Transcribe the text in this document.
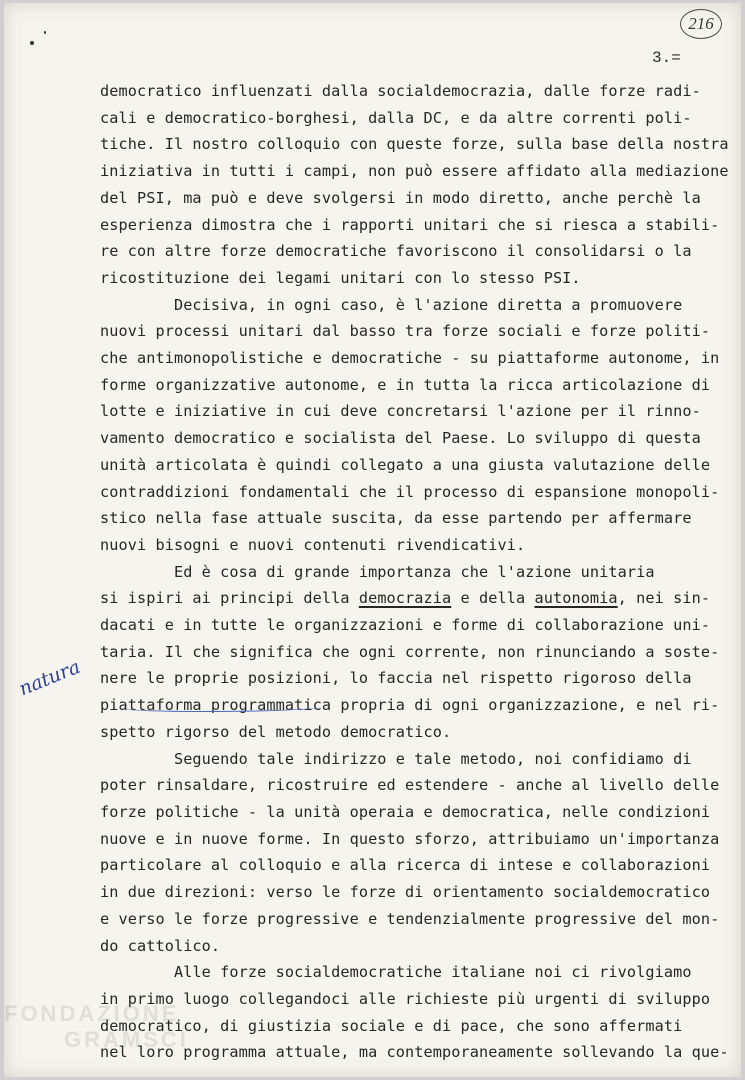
216
3.=
democratico influenzati dalla socialdemocrazia, dalle forze radi-
cali e democratico-borghesi, dalla DC, e da altre correnti poli-
tiche. Il nostro colloquio con queste forze, sulla base della nostra
iniziativa in tutti i campi, non può essere affidato alla mediazione
del PSI, ma può e deve svolgersi in modo diretto, anche perchè la
esperienza dimostra che i rapporti unitari che si riesca a stabili-
re con altre forze democratiche favoriscono il consolidarsi o la
ricostituzione dei legami unitari con lo stesso PSI.
Decisiva, in ogni caso, è l'azione diretta a promuovere
nuovi processi unitari dal basso tra forze sociali e forze politi-
che antimonopolistiche e democratiche - su piattaforme autonome, in
forme organizzative autonome, e in tutta la ricca articolazione di
lotte e iniziative in cui deve concretarsi l'azione per il rinno-
vamento democratico e socialista del Paese. Lo sviluppo di questa
unità articolata è quindi collegato a una giusta valutazione delle
contraddizioni fondamentali che il processo di espansione monopoli-
stico nella fase attuale suscita, da esse partendo per affermare
nuovi bisogni e nuovi contenuti rivendicativi.
Ed è cosa di grande importanza che l'azione unitaria
si ispiri ai principi della democrazia e della autonomia, nei sin-
dacati e in tutte le organizzazioni e forme di collaborazione uni-
taria. Il che significa che ogni corrente, non rinunciando a soste-
nere le proprie posizioni, lo faccia nel rispetto rigoroso della
piattaforma programmatica propria di ogni organizzazione, e nel ri-
spetto rigorso del metodo democratico.
Seguendo tale indirizzo e tale metodo, noi confidiamo di
poter rinsaldare, ricostruire ed estendere - anche al livello delle
forze politiche - la unità operaia e democratica, nelle condizioni
nuove e in nuove forme. In questo sforzo, attribuiamo un'importanza
particolare al colloquio e alla ricerca di intese e collaborazioni
in due direzioni: verso le forze di orientamento socialdemocratico
e verso le forze progressive e tendenzialmente progressive del mon-
do cattolico.
Alle forze socialdemocratiche italiane noi ci rivolgiamo
in primo luogo collegandoci alle richieste più urgenti di sviluppo
democratico, di giustizia sociale e di pace, che sono affermati
nel loro programma attuale, ma contemporaneamente sollevando la que-
natura
FONDAZIONE
GRAMSCI
